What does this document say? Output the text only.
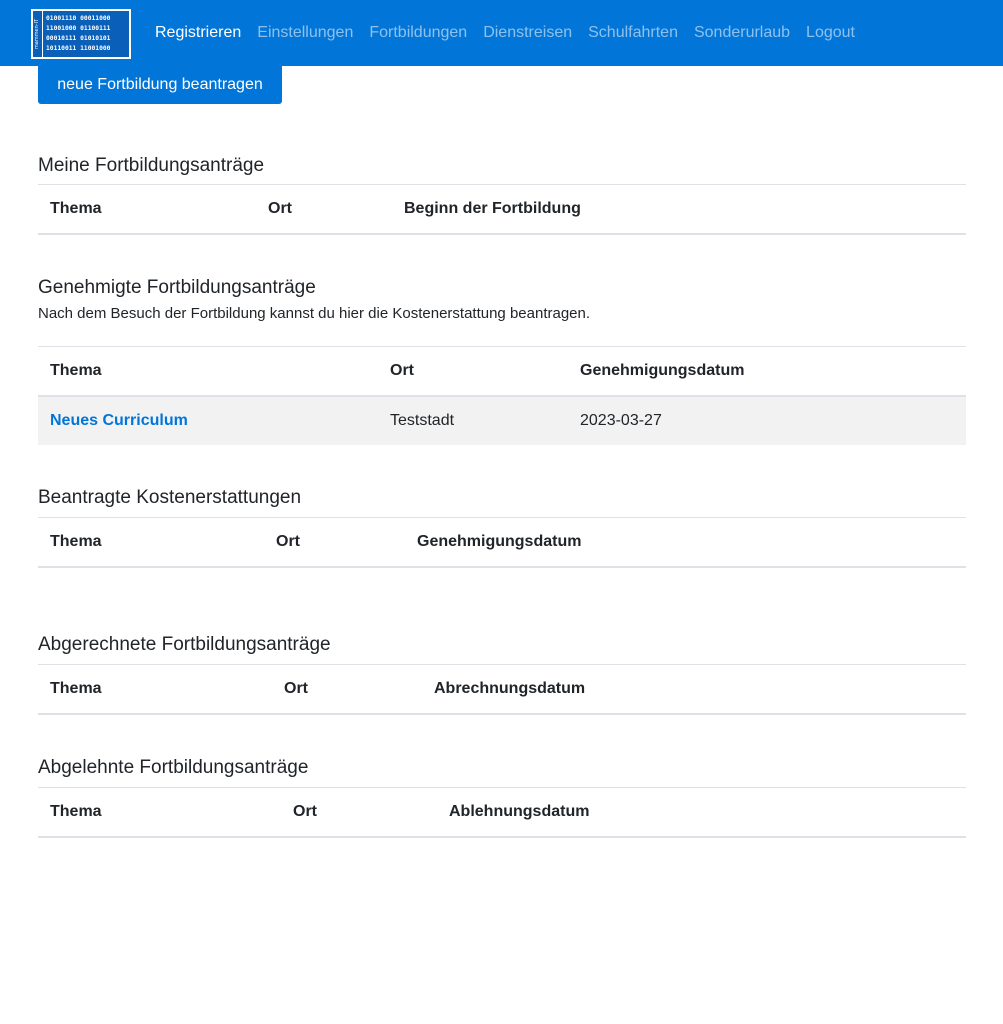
mammen-IT
01001110 00011000
11001000 01100111
00010111 01010101
10110011 11001000
Registrieren Einstellungen Fortbildungen Dienstreisen Schulfahrten Sonderurlaub Logout
neue Fortbildung beantragen
Meine Fortbildungsanträge
Thema	Ort	Beginn der Fortbildung
Genehmigte Fortbildungsanträge

Nach dem Besuch der Fortbildung kannst du hier die Kostenerstattung beantragen.

Thema	Ort	Genehmigungsdatum
Neues Curriculum	Teststadt	2023-03-27
Beantragte Kostenerstattungen
Thema	Ort	Genehmigungsdatum
Abgerechnete Fortbildungsanträge
Thema	Ort	Abrechnungsdatum
Abgelehnte Fortbildungsanträge
Thema	Ort	Ablehnungsdatum
